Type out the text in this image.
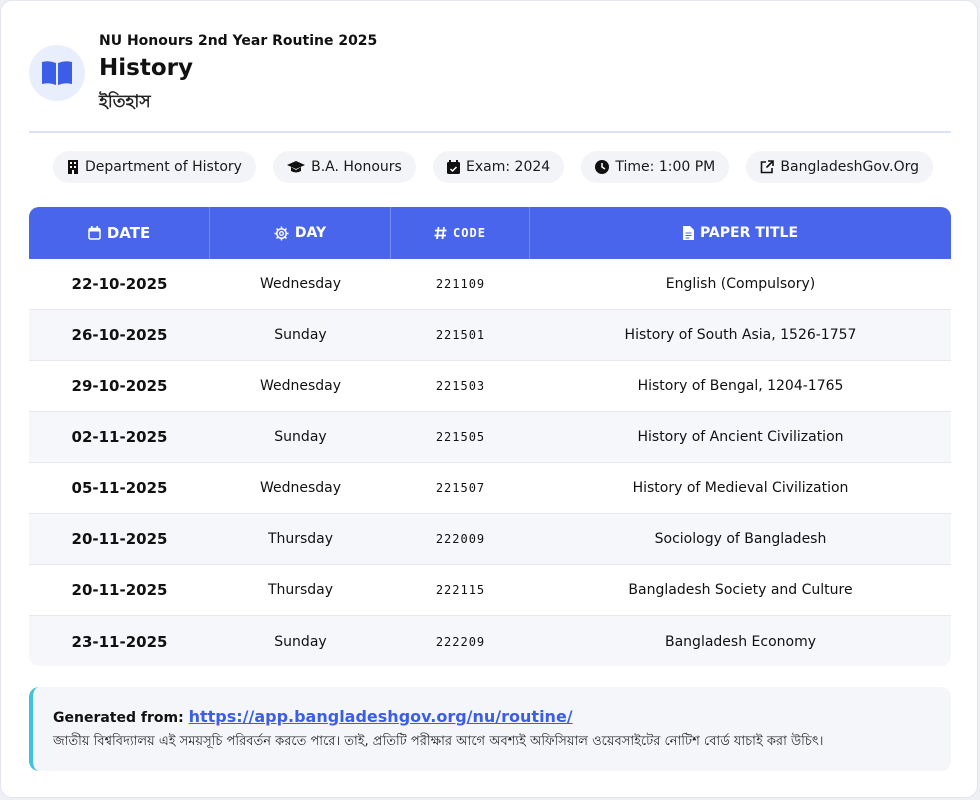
NU Honours 2nd Year Routine 2025
History
ইতিহাস
Department of History	B.A. Honours	Exam: 2024	Time: 1:00 PM	BangladeshGov.Org
DATE	DAY	CODE	PAPER TITLE
22-10-2025	Wednesday	221109	English (Compulsory)
26-10-2025	Sunday	221501	History of South Asia, 1526-1757
29-10-2025	Wednesday	221503	History of Bengal, 1204-1765
02-11-2025	Sunday	221505	History of Ancient Civilization
05-11-2025	Wednesday	221507	History of Medieval Civilization
20-11-2025	Thursday	222009	Sociology of Bangladesh
20-11-2025	Thursday	222115	Bangladesh Society and Culture
23-11-2025	Sunday	222209	Bangladesh Economy
Generated from: https://app.bangladeshgov.org/nu/routine/
জাতীয় বিশ্ববিদ্যালয় এই সময়সূচি পরিবর্তন করতে পারে। তাই, প্রতিটি পরীক্ষার আগে অবশ্যই অফিসিয়াল ওয়েবসাইটের নোটিশ বোর্ড যাচাই করা উচিৎ।
